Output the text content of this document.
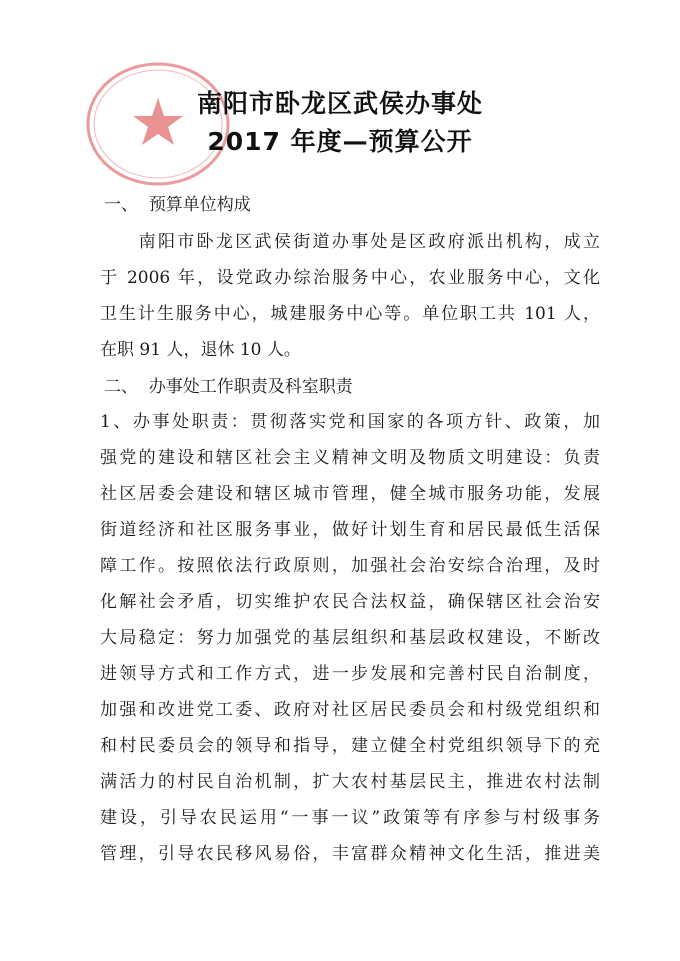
南阳市卧龙区武侯办事处
2017 年度—预算公开
一、  预算单位构成
　　南阳市卧龙区武侯街道办事处是区政府派出机构，成立
于 2006 年，设党政办综治服务中心，农业服务中心，文化
卫生计生服务中心，城建服务中心等。单位职工共 101 人，
在职 91 人，退休 10 人。
二、  办事处工作职责及科室职责
1、办事处职责：贯彻落实党和国家的各项方针、政策，加
强党的建设和辖区社会主义精神文明及物质文明建设：负责
社区居委会建设和辖区城市管理，健全城市服务功能，发展
街道经济和社区服务事业，做好计划生育和居民最低生活保
障工作。按照依法行政原则，加强社会治安综合治理，及时
化解社会矛盾，切实维护农民合法权益，确保辖区社会治安
大局稳定：努力加强党的基层组织和基层政权建设，不断改
进领导方式和工作方式，进一步发展和完善村民自治制度，
加强和改进党工委、政府对社区居民委员会和村级党组织和
和村民委员会的领导和指导，建立健全村党组织领导下的充
满活力的村民自治机制，扩大农村基层民主，推进农村法制
建设，引导农民运用“一事一议”政策等有序参与村级事务
管理，引导农民移风易俗，丰富群众精神文化生活，推进美
